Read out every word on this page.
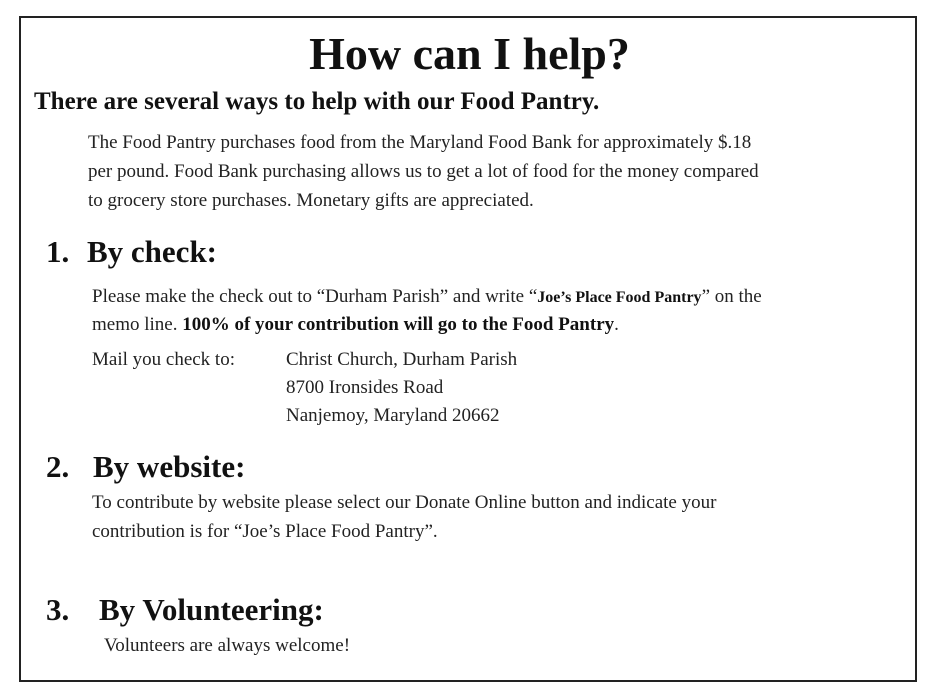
How can I help?
There are several ways to help with our Food Pantry.
The Food Pantry purchases food from the Maryland Food Bank for approximately $.18
per pound. Food Bank purchasing allows us to get a lot of food for the money compared
to grocery store purchases. Monetary gifts are appreciated.
1. By check:
Please make the check out to “Durham Parish” and write “Joe’s Place Food Pantry” on the
memo line. 100% of your contribution will go to the Food Pantry.
Mail you check to:	Christ Church, Durham Parish
8700 Ironsides Road
Nanjemoy, Maryland 20662
2. By website:
To contribute by website please select our Donate Online button and indicate your
contribution is for “Joe’s Place Food Pantry”.
3. By Volunteering:
Volunteers are always welcome!
